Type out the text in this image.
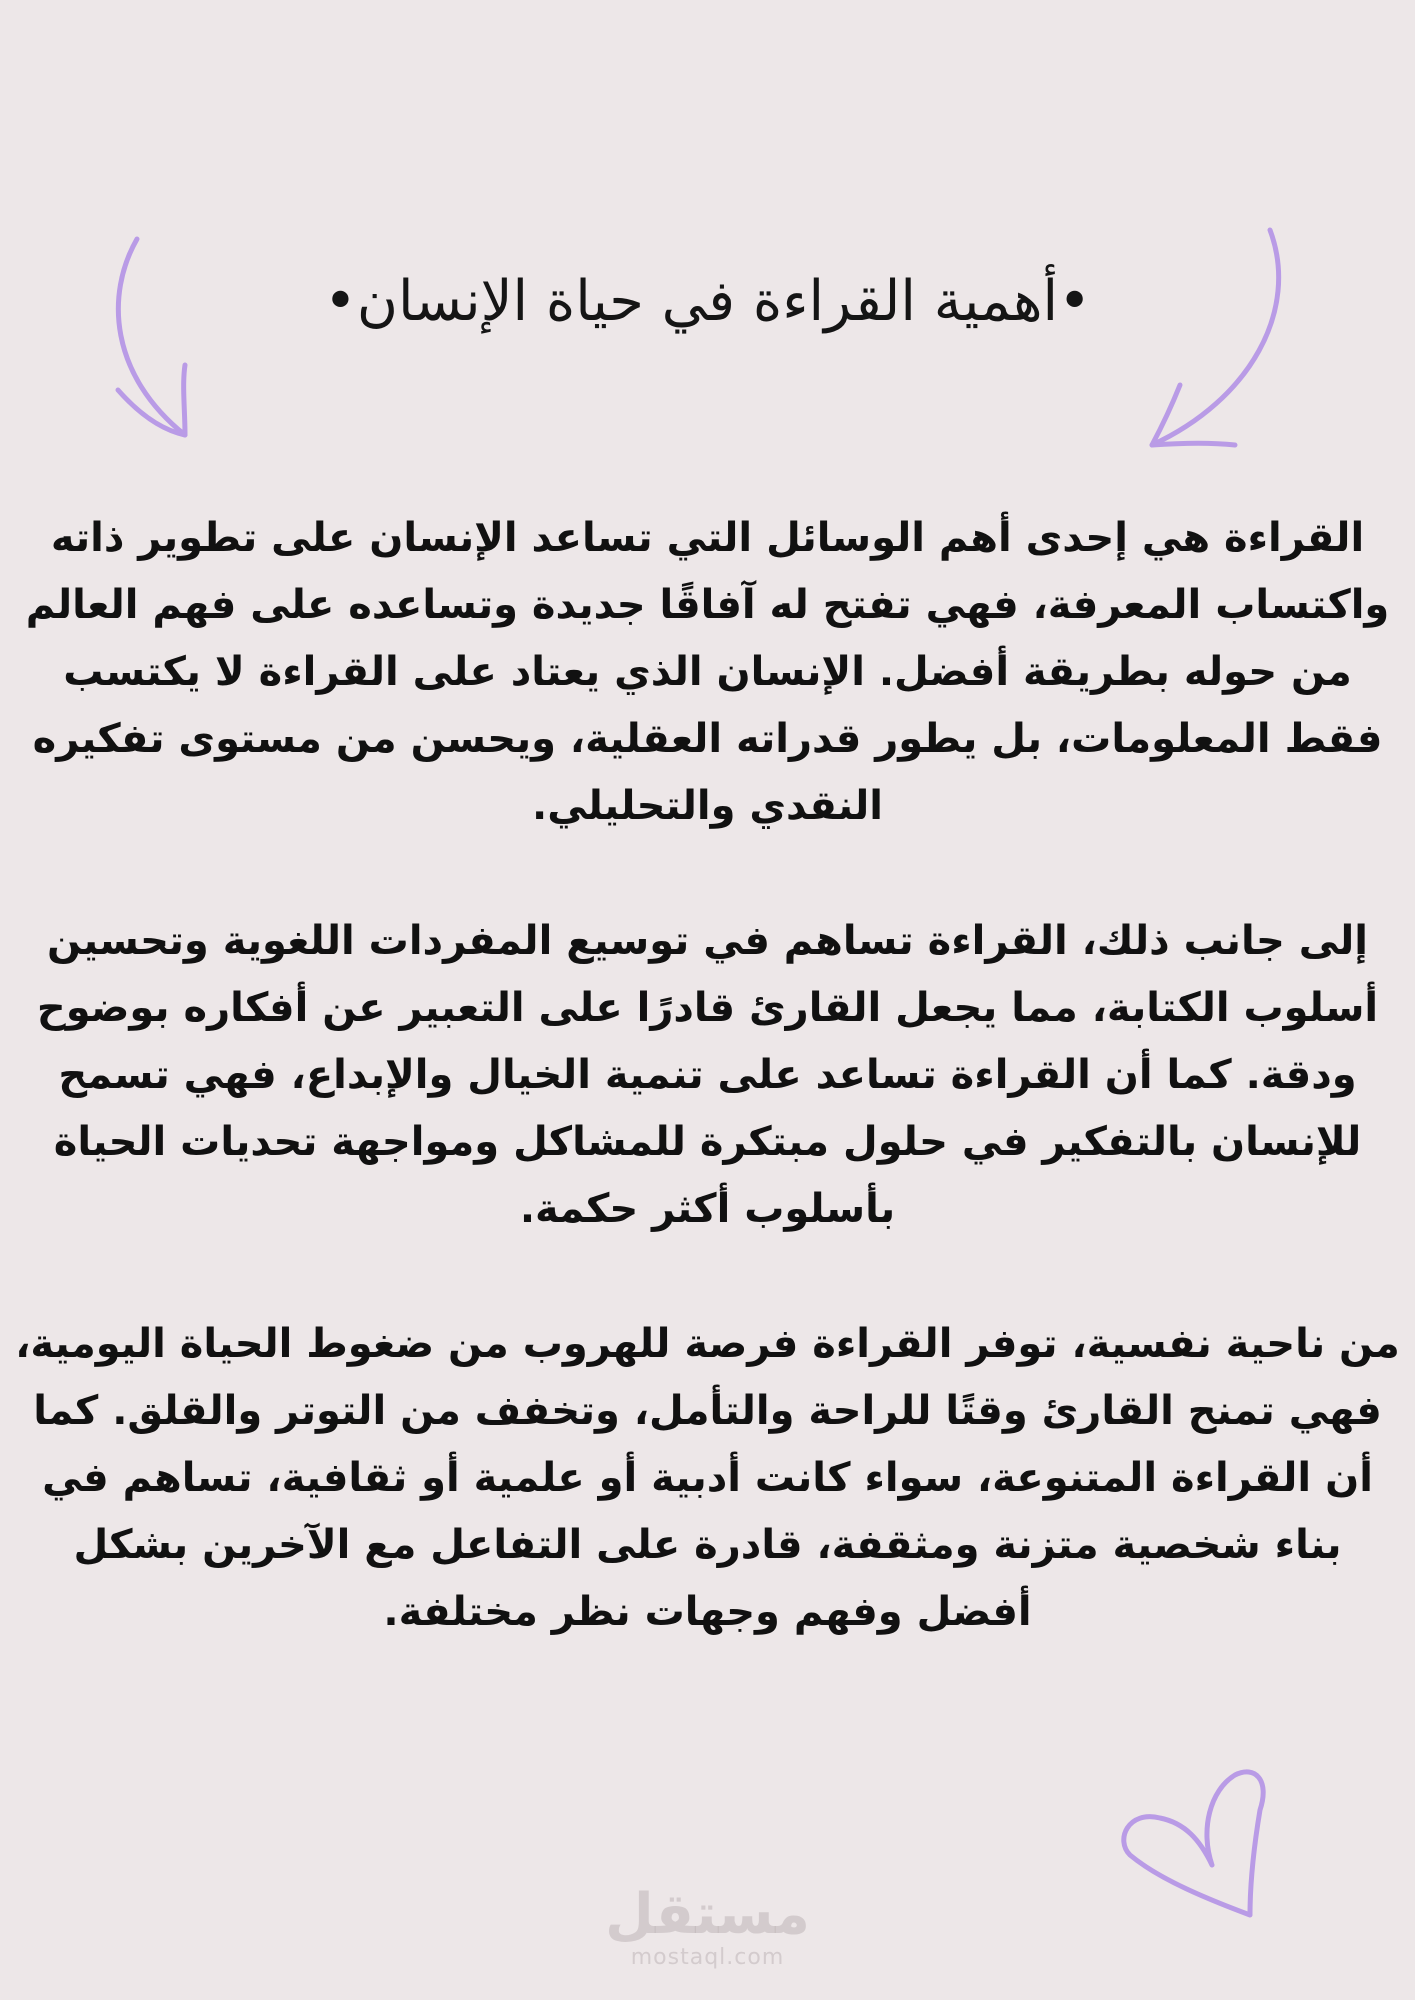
•أهمية القراءة في حياة الإنسان•

القراءة هي إحدى أهم الوسائل التي تساعد الإنسان على تطوير ذاته واكتساب المعرفة، فهي تفتح له آفاقًا جديدة وتساعده على فهم العالم من حوله بطريقة أفضل. الإنسان الذي يعتاد على القراءة لا يكتسب فقط المعلومات، بل يطور قدراته العقلية، ويحسن من مستوى تفكيره النقدي والتحليلي.

إلى جانب ذلك، القراءة تساهم في توسيع المفردات اللغوية وتحسين أسلوب الكتابة، مما يجعل القارئ قادرًا على التعبير عن أفكاره بوضوح ودقة. كما أن القراءة تساعد على تنمية الخيال والإبداع، فهي تسمح للإنسان بالتفكير في حلول مبتكرة للمشاكل ومواجهة تحديات الحياة بأسلوب أكثر حكمة.

من ناحية نفسية، توفر القراءة فرصة للهروب من ضغوط الحياة اليومية، فهي تمنح القارئ وقتًا للراحة والتأمل، وتخفف من التوتر والقلق. كما أن القراءة المتنوعة، سواء كانت أدبية أو علمية أو ثقافية، تساهم في بناء شخصية متزنة ومثقفة، قادرة على التفاعل مع الآخرين بشكل أفضل وفهم وجهات نظر مختلفة.

مستقل
mostaql.com
